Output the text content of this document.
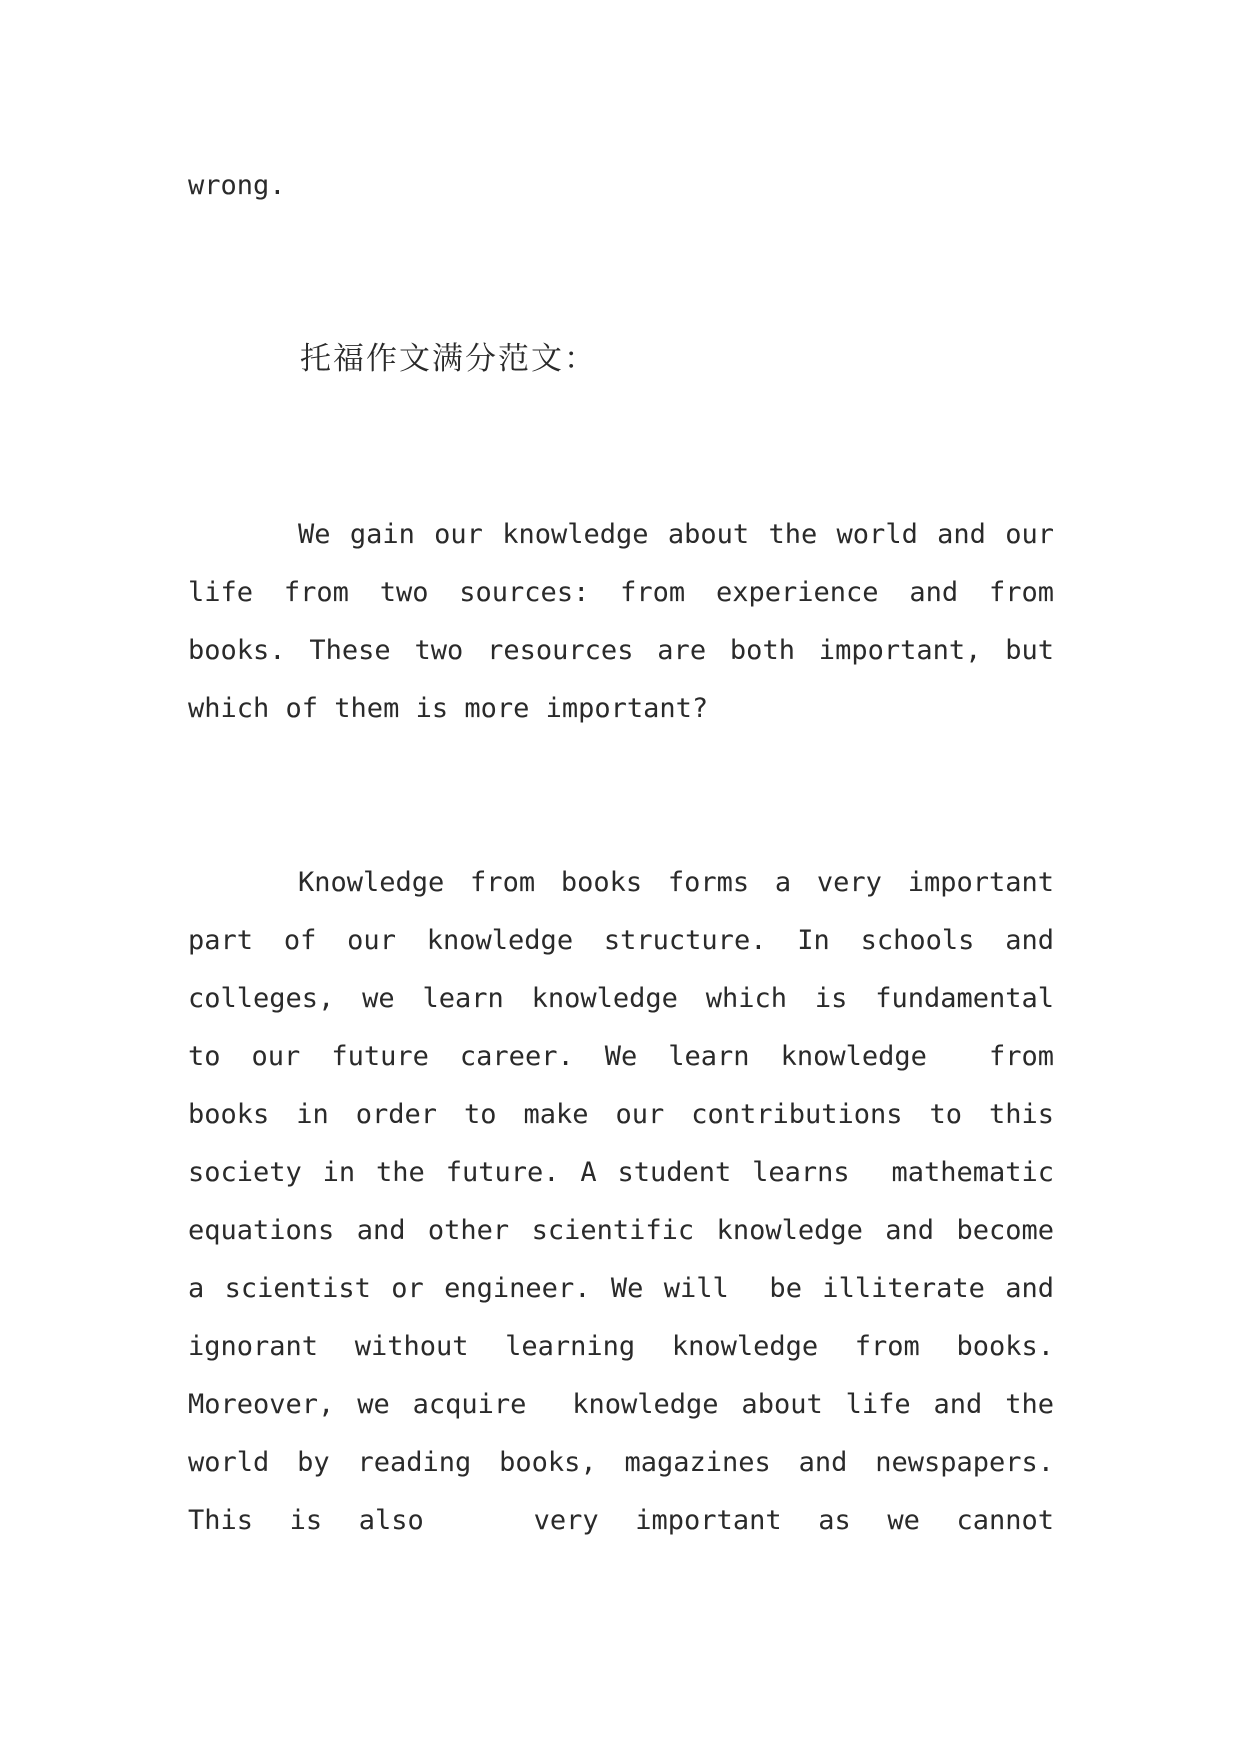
wrong.
托福作文满分范文：
We gain our knowledge about the world and our
life from two sources: from experience and from
books. These two resources are both important, but
which of them is more important?
Knowledge from books forms a very important
part of our knowledge structure. In schools and
colleges, we learn knowledge which is fundamental
to our future career. We learn knowledge  from
books in order to make our contributions to this
society in the future. A student learns  mathematic
equations and other scientific knowledge and become
a scientist or engineer. We will  be illiterate and
ignorant without learning knowledge from books.
Moreover, we acquire  knowledge about life and the
world by reading books, magazines and newspapers.
This is also   very important as we cannot
